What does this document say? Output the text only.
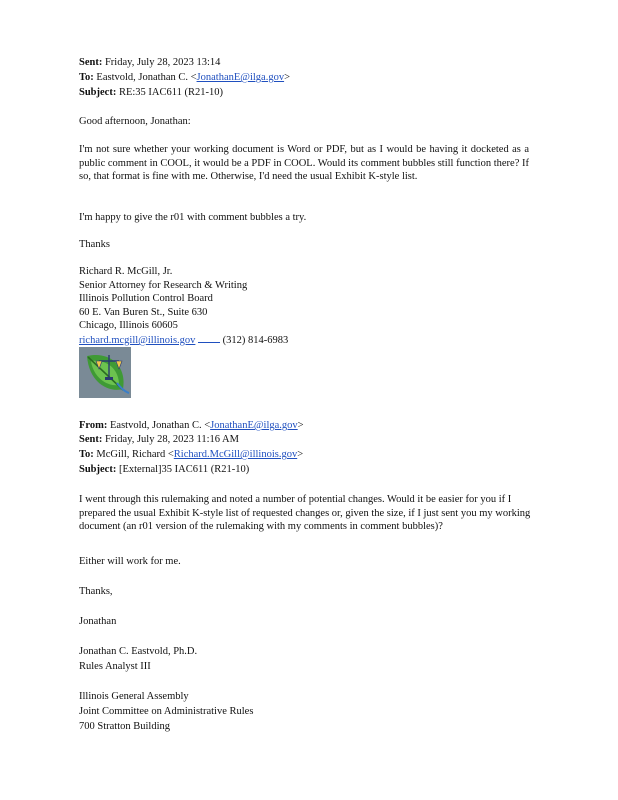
Sent: Friday, July 28, 2023 13:14
To: Eastvold, Jonathan C. <JonathanE@ilga.gov>
Subject: RE:35 IAC611 (R21-10)
Good afternoon, Jonathan:
I'm not sure whether your working document is Word or PDF, but as I would be having it docketed as a public comment in COOL, it would be a PDF in COOL. Would its comment bubbles still function there? If so, that format is fine with me. Otherwise, I'd need the usual Exhibit K-style list.
I'm happy to give the r01 with comment bubbles a try.
Thanks
Richard R. McGill, Jr.
Senior Attorney for Research & Writing
Illinois Pollution Control Board
60 E. Van Buren St., Suite 630
Chicago, Illinois 60605
richard.mcgill@illinois.gov	(312) 814-6983
From: Eastvold, Jonathan C. <JonathanE@ilga.gov>
Sent: Friday, July 28, 2023 11:16 AM
To: McGill, Richard <Richard.McGill@illinois.gov>
Subject: [External]35 IAC611 (R21-10)
I went through this rulemaking and noted a number of potential changes. Would it be easier for you if I prepared the usual Exhibit K-style list of requested changes or, given the size, if I just sent you my working document (an r01 version of the rulemaking with my comments in comment bubbles)?
Either will work for me.
Thanks,
Jonathan
Jonathan C. Eastvold, Ph.D.
Rules Analyst III
Illinois General Assembly
Joint Committee on Administrative Rules
700 Stratton Building
